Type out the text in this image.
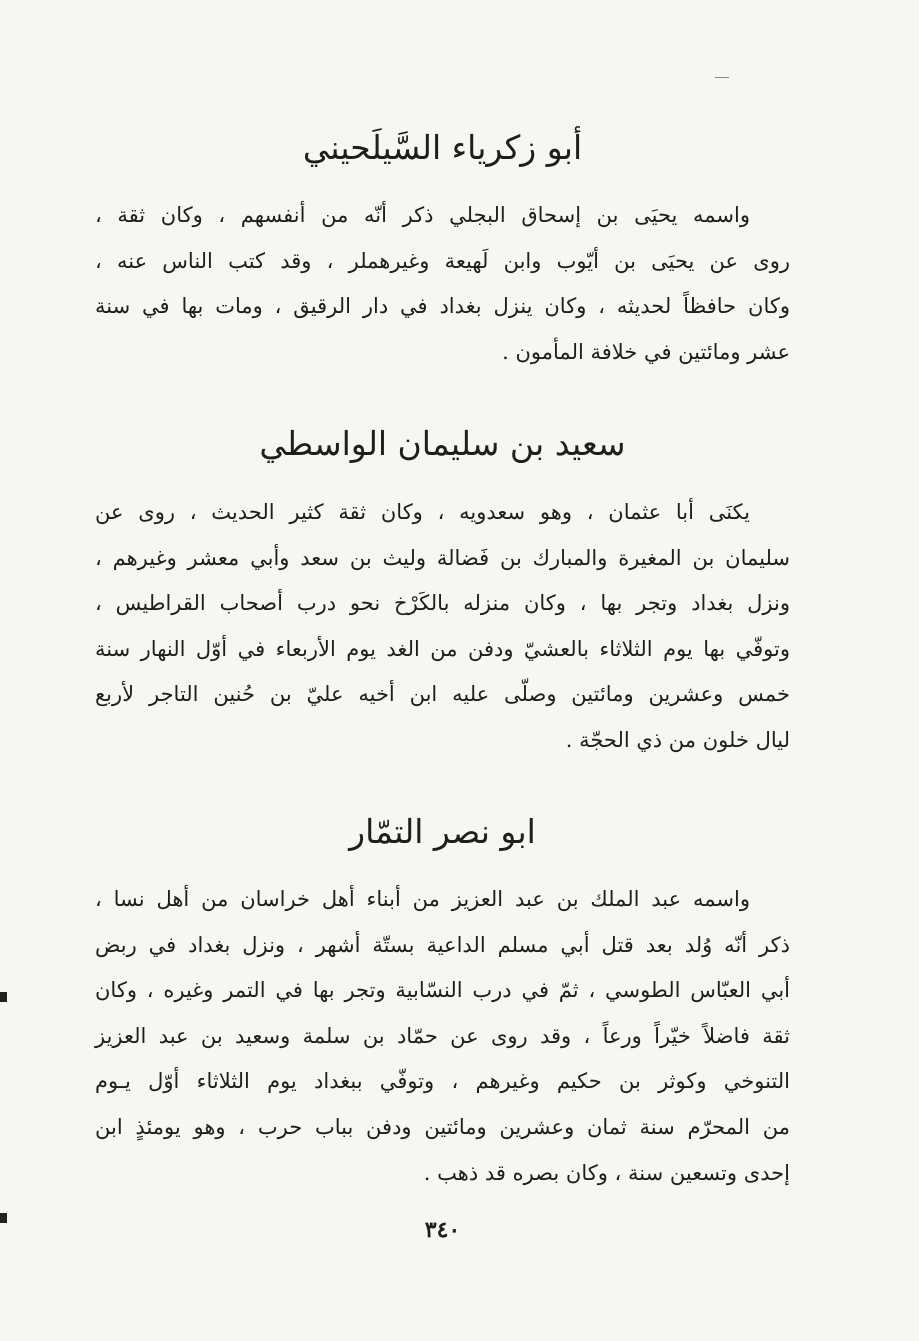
أبو زكرياء السَّيلَحيني
واسمه يحيَى بن إسحاق البجلي ذكر أنّه من أنفسهم ، وكان ثقة ،
روى عن يحيَى بن أيّوب وابن لَهيعة وغيرهملر ، وقد كتب الناس عنه ،
وكان حافظاً لحديثه ، وكان ينزل بغداد في دار الرقيق ، ومات بها في سنة
عشر ومائتين في خلافة المأمون .
سعيد بن سليمان الواسطي
يكنَى أبا عثمان ، وهو سعدويه ، وكان ثقة كثير الحديث ، روى عن
سليمان بن المغيرة والمبارك بن فَضالة وليث بن سعد وأبي معشر وغيرهم ،
ونزل بغداد وتجر بها ، وكان منزله بالكَرْخ نحو درب أصحاب القراطيس ،
وتوفّي بها يوم الثلاثاء بالعشيّ ودفن من الغد يوم الأربعاء في أوّل النهار سنة
خمس وعشرين ومائتين وصلّى عليه ابن أخيه عليّ بن حُنين التاجر لأربع
ليال خلون من ذي الحجّة .
ابو نصر التمّار
واسمه عبد الملك بن عبد العزيز من أبناء أهل خراسان من أهل نسا ،
ذكر أنّه وُلد بعد قتل أبي مسلم الداعية بستّة أشهر ، ونزل بغداد في ربض
أبي العبّاس الطوسي ، ثمّ في درب النسّابية وتجر بها في التمر وغيره ، وكان
ثقة فاضلاً خيّراً ورعاً ، وقد روى عن حمّاد بن سلمة وسعيد بن عبد العزيز
التنوخي وكوثر بن حكيم وغيرهم ، وتوفّي ببغداد يوم الثلاثاء أوّل يـوم
من المحرّم سنة ثمان وعشرين ومائتين ودفن بباب حرب ، وهو يومئذٍ ابن
إحدى وتسعين سنة ، وكان بصره قد ذهب .
٣٤٠
